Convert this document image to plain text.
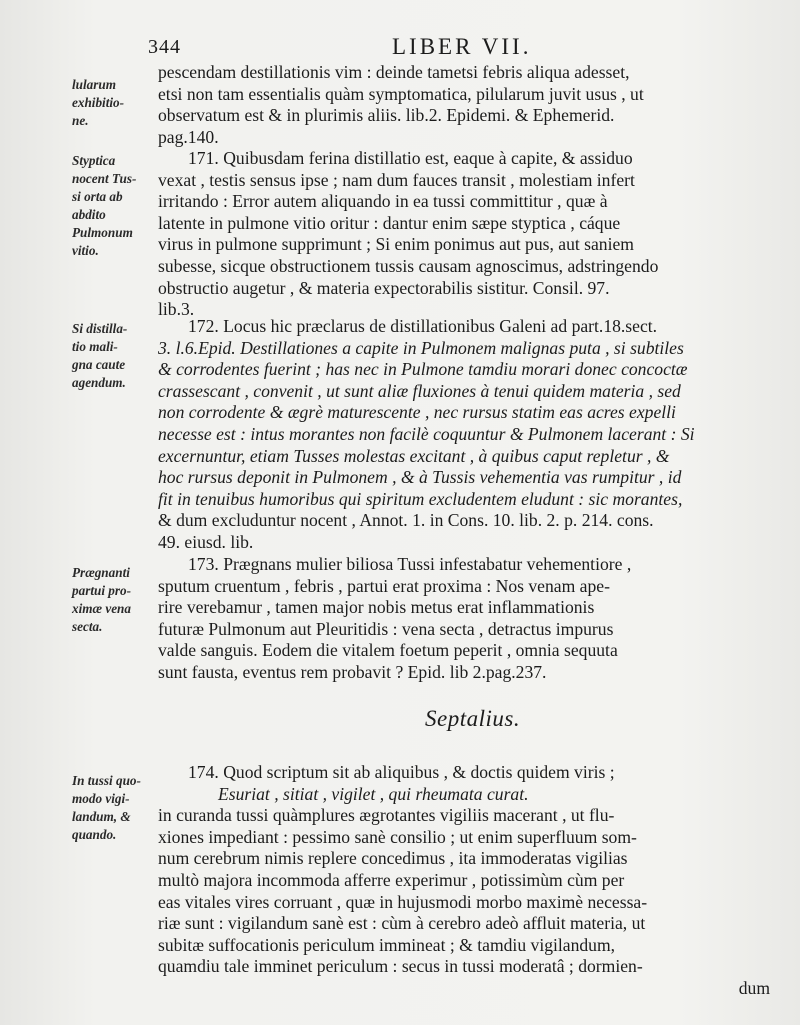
344	LIBER VII.
lularum
exhibitio-
ne.
Styptica
nocent Tus-
si orta ab
abdito
Pulmonum
vitio.
Si distilla-
tio mali-
gna caute
agendum.
Prægnanti
partui pro-
ximæ vena
secta.
In tussi quo-
modo vigi-
landum, &
quando.
pescendam destillationis vim : deinde tametsi febris aliqua adesset,
etsi non tam essentialis quàm symptomatica, pilularum juvit usus , ut
observatum est & in plurimis aliis. lib.2. Epidemi. & Ephemerid.
pag.140.
171. Quibusdam ferina distillatio est, eaque à capite, & assiduo
vexat , testis sensus ipse ; nam dum fauces transit , molestiam infert
irritando : Error autem aliquando in ea tussi committitur , quæ à
latente in pulmone vitio oritur : dantur enim sæpe styptica , cáque
virus in pulmone supprimunt ; Si enim ponimus aut pus, aut saniem
subesse, sicque obstructionem tussis causam agnoscimus, adstringendo
obstructio augetur , & materia expectorabilis sistitur. Consil. 97.
lib.3.
172. Locus hic præclarus de distillationibus Galeni ad part.18.sect.
3. l.6.Epid. Destillationes a capite in Pulmonem malignas puta , si subtiles
& corrodentes fuerint ; has nec in Pulmone tamdiu morari donec concoctæ
crassescant , convenit , ut sunt aliæ fluxiones à tenui quidem materia , sed
non corrodente & ægrè maturescente , nec rursus statim eas acres expelli
necesse est : intus morantes non facilè coquuntur & Pulmonem lacerant : Si
excernuntur, etiam Tusses molestas excitant , à quibus caput repletur , &
hoc rursus deponit in Pulmonem , & à Tussis vehementia vas rumpitur , id
fit in tenuibus humoribus qui spiritum excludentem eludunt : sic morantes,
& dum excluduntur nocent , Annot. 1. in Cons. 10. lib. 2. p. 214. cons.
49. eiusd. lib.
173. Prægnans mulier biliosa Tussi infestabatur vehementiore ,
sputum cruentum , febris , partui erat proxima : Nos venam ape-
rire verebamur , tamen major nobis metus erat inflammationis
futuræ Pulmonum aut Pleuritidis : vena secta , detractus impurus
valde sanguis. Eodem die vitalem foetum peperit , omnia sequuta
sunt fausta, eventus rem probavit ? Epid. lib 2.pag.237.
Septalius.
174. Quod scriptum sit ab aliquibus , & doctis quidem viris ;
Esuriat , sitiat , vigilet , qui rheumata curat.
in curanda tussi quàmplures ægrotantes vigiliis macerant , ut flu-
xiones impediant : pessimo sanè consilio ; ut enim superfluum som-
num cerebrum nimis replere concedimus , ita immoderatas vigilias
multò majora incommoda afferre experimur , potissimùm cùm per
eas vitales vires corruant , quæ in hujusmodi morbo maximè necessa-
riæ sunt : vigilandum sanè est : cùm à cerebro adeò affluit materia, ut
subitæ suffocationis periculum immineat ; & tamdiu vigilandum,
quamdiu tale imminet periculum : secus in tussi moderatâ ; dormien-
dum
